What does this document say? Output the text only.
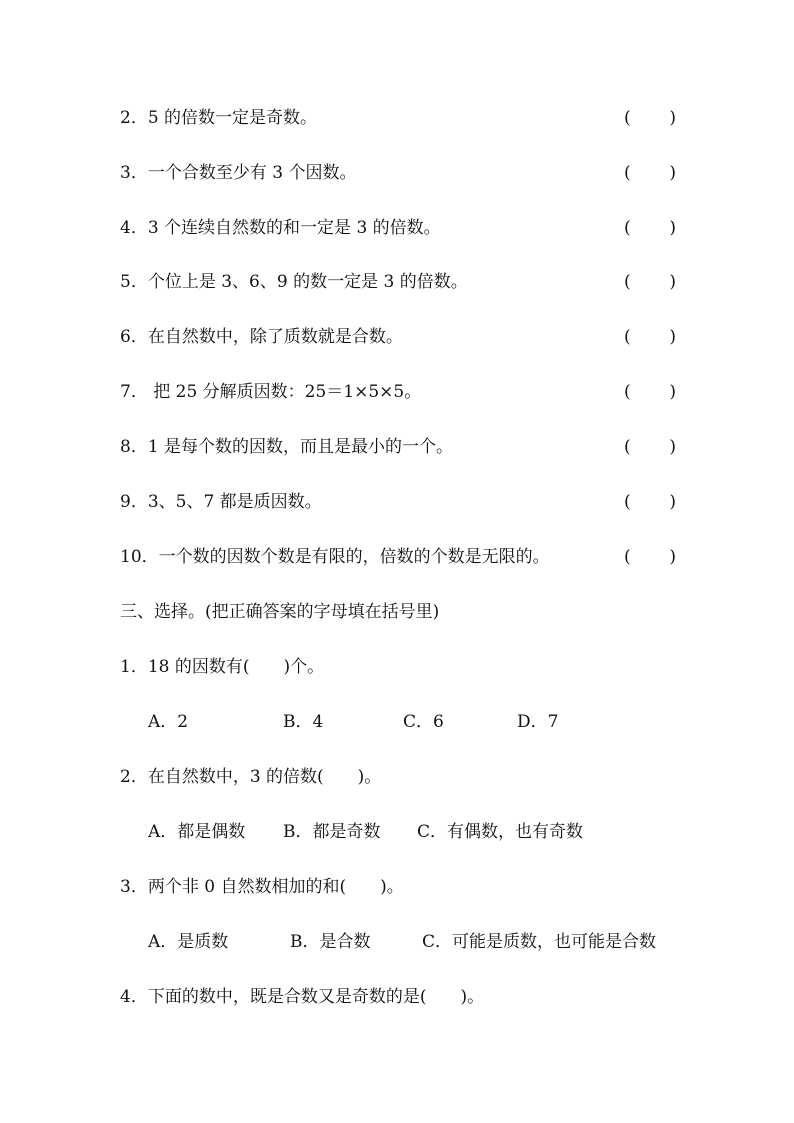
2．5 的倍数一定是奇数。	( )
3．一个合数至少有 3 个因数。	( )
4．3 个连续自然数的和一定是 3 的倍数。	( )
5．个位上是 3、6、9 的数一定是 3 的倍数。	( )
6．在自然数中，除了质数就是合数。	( )
7． 把 25 分解质因数：25＝1×5×5。	( )
8．1 是每个数的因数，而且是最小的一个。	( )
9．3、5、7 都是质因数。	( )
10．一个数的因数个数是有限的，倍数的个数是无限的。	( )
三、选择。(把正确答案的字母填在括号里)
1．18 的因数有(　　)个。
A．2	B．4	C．6	D．7
2．在自然数中，3 的倍数(　　)。
A．都是偶数 B．都是奇数 C．有偶数，也有奇数
3．两个非 0 自然数相加的和(　　)。
A．是质数	B．是合数	C．可能是质数，也可能是合数
4．下面的数中，既是合数又是奇数的是(　　)。
